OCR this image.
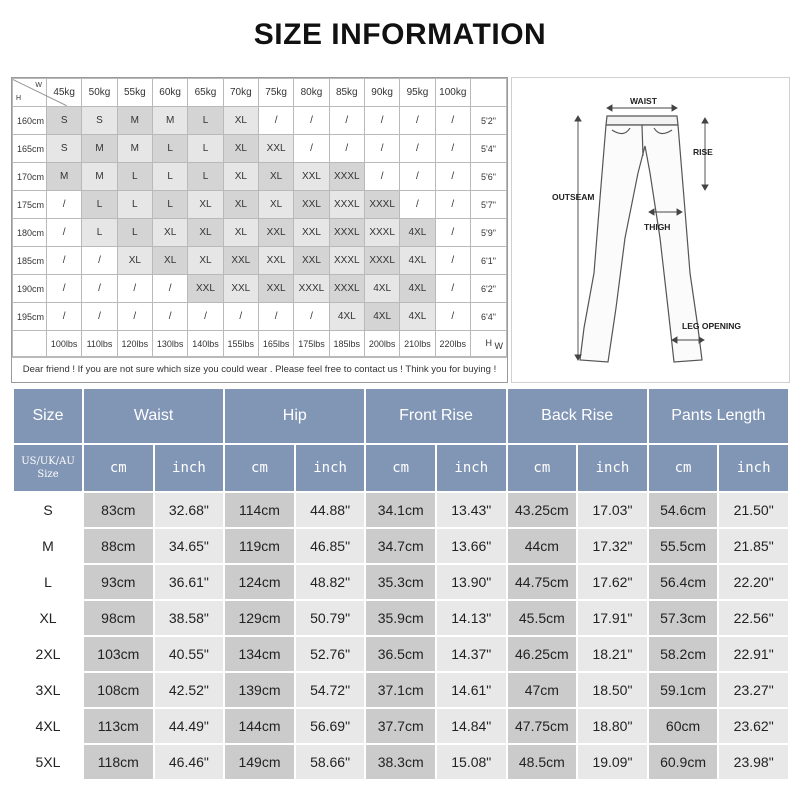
SIZE INFORMATION
H
W	45kg	50kg	55kg	60kg	65kg	70kg	75kg	80kg	85kg	90kg	95kg	100kg	
160cm	S	S	M	M	L	XL	/	/	/	/	/	/	5'2"
165cm	S	M	M	L	L	XL	XXL	/	/	/	/	/	5'4"
170cm	M	M	L	L	L	XL	XL	XXL	XXXL	/	/	/	5'6"
175cm	/	L	L	L	XL	XL	XL	XXL	XXXL	XXXL	/	/	5'7"
180cm	/	L	L	XL	XL	XL	XXL	XXL	XXXL	XXXL	4XL	/	5'9"
185cm	/	/	XL	XL	XL	XXL	XXL	XXL	XXXL	XXXL	4XL	/	6'1"
190cm	/	/	/	/	XXL	XXL	XXL	XXXL	XXXL	4XL	4XL	/	6'2"
195cm	/	/	/	/	/	/	/	/	4XL	4XL	4XL	/	6'4"
	100lbs	110lbs	120lbs	130lbs	140lbs	155lbs	165lbs	175lbs	185lbs	200lbs	210lbs	220lbs	H W
Dear friend ! If you are not sure which size you could wear . Please feel free to contact us ! Think you for buying !
WAIST
RISE
OUTSEAM
THIGH
LEG OPENING
Size	Waist		Hip		Front Rise		Back Rise		Pants Length	
US/UK/AU Size	cm	inch	cm	inch	cm	inch	cm	inch	cm	inch
S	83cm	32.68"	114cm	44.88"	34.1cm	13.43"	43.25cm	17.03"	54.6cm	21.50"
M	88cm	34.65"	119cm	46.85"	34.7cm	13.66"	44cm	17.32"	55.5cm	21.85"
L	93cm	36.61"	124cm	48.82"	35.3cm	13.90"	44.75cm	17.62"	56.4cm	22.20"
XL	98cm	38.58"	129cm	50.79"	35.9cm	14.13"	45.5cm	17.91"	57.3cm	22.56"
2XL	103cm	40.55"	134cm	52.76"	36.5cm	14.37"	46.25cm	18.21"	58.2cm	22.91"
3XL	108cm	42.52"	139cm	54.72"	37.1cm	14.61"	47cm	18.50"	59.1cm	23.27"
4XL	113cm	44.49"	144cm	56.69"	37.7cm	14.84"	47.75cm	18.80"	60cm	23.62"
5XL	118cm	46.46"	149cm	58.66"	38.3cm	15.08"	48.5cm	19.09"	60.9cm	23.98"
